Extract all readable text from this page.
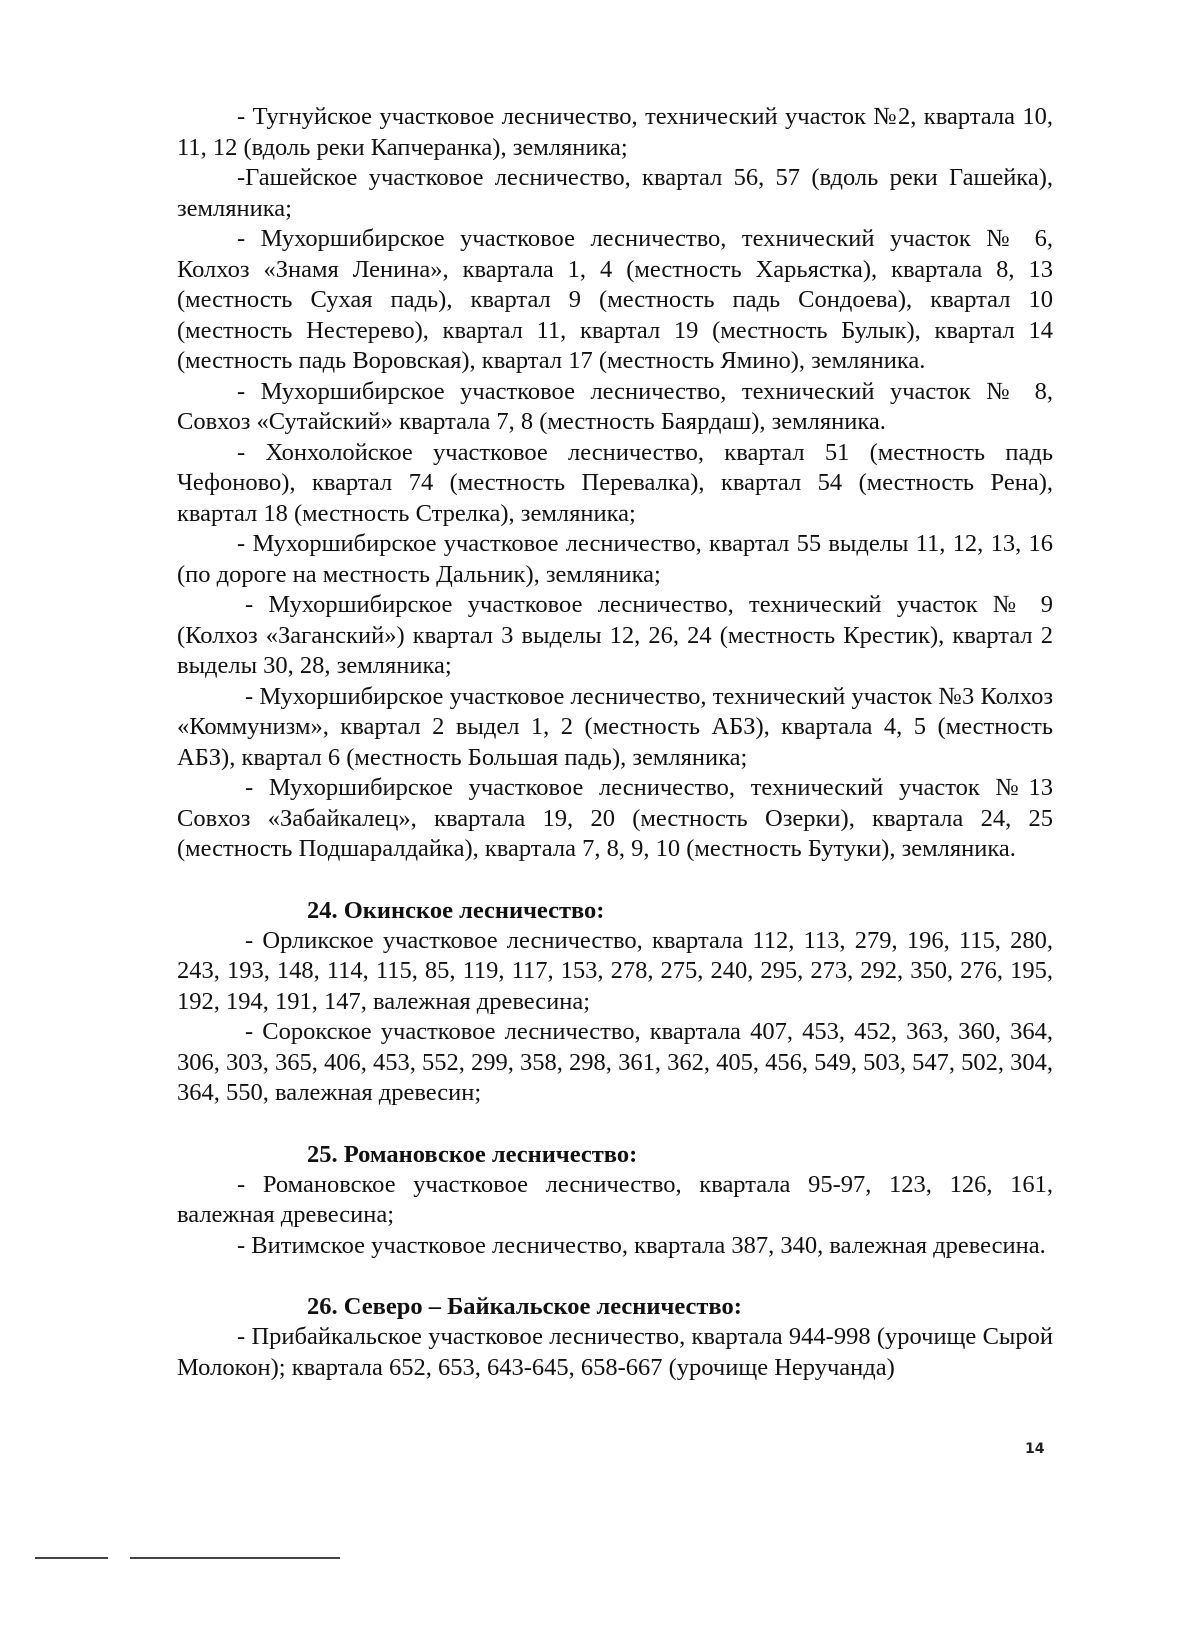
- Тугнуйское участковое лесничество, технический участок №2, квартала 10, 11, 12 (вдоль реки Капчеранка), земляника;

-Гашейское участковое лесничество, квартал 56, 57 (вдоль реки Гашейка), земляника;

- Мухоршибирское участковое лесничество, технический участок № 6, Колхоз «Знамя Ленина», квартала 1, 4 (местность Харьястка), квартала 8, 13 (местность Сухая падь), квартал 9 (местность падь Сондоева), квартал 10 (местность Нестерево), квартал 11, квартал 19 (местность Булык), квартал 14 (местность падь Воровская), квартал 17 (местность Ямино), земляника.

- Мухоршибирское участковое лесничество, технический участок № 8, Совхоз «Сутайский» квартала 7, 8 (местность Баярдаш), земляника.

- Хонхолойское участковое лесничество, квартал 51 (местность падь Чефоново), квартал 74 (местность Перевалка), квартал 54 (местность Рена), квартал 18 (местность Стрелка), земляника;

- Мухоршибирское участковое лесничество, квартал 55 выделы 11, 12, 13, 16 (по дороге на местность Дальник), земляника;

- Мухоршибирское участковое лесничество, технический участок № 9 (Колхоз «Заганский») квартал 3 выделы 12, 26, 24 (местность Крестик), квартал 2 выделы 30, 28, земляника;

- Мухоршибирское участковое лесничество, технический участок №3 Колхоз «Коммунизм», квартал 2 выдел 1, 2 (местность АБЗ), квартала 4, 5 (местность АБЗ), квартал 6 (местность Большая падь), земляника;

- Мухоршибирское участковое лесничество, технический участок №13 Совхоз «Забайкалец», квартала 19, 20 (местность Озерки), квартала 24, 25 (местность Подшаралдайка), квартала 7, 8, 9, 10 (местность Бутуки), земляника.

24. Окинское лесничество:

- Орликское участковое лесничество, квартала 112, 113, 279, 196, 115, 280, 243, 193, 148, 114, 115, 85, 119, 117, 153, 278, 275, 240, 295, 273, 292, 350, 276, 195, 192, 194, 191, 147, валежная древесина;

- Сорокское участковое лесничество, квартала 407, 453, 452, 363, 360, 364, 306, 303, 365, 406, 453, 552, 299, 358, 298, 361, 362, 405, 456, 549, 503, 547, 502, 304, 364, 550, валежная древесин;

25. Романовское лесничество:

- Романовское участковое лесничество, квартала 95-97, 123, 126, 161, валежная древесина;

- Витимское участковое лесничество, квартала 387, 340, валежная древесина.

26. Северо – Байкальское лесничество:

- Прибайкальское участковое лесничество, квартала 944-998 (урочище Сырой Молокон); квартала 652, 653, 643-645, 658-667 (урочище Неручанда)

14
